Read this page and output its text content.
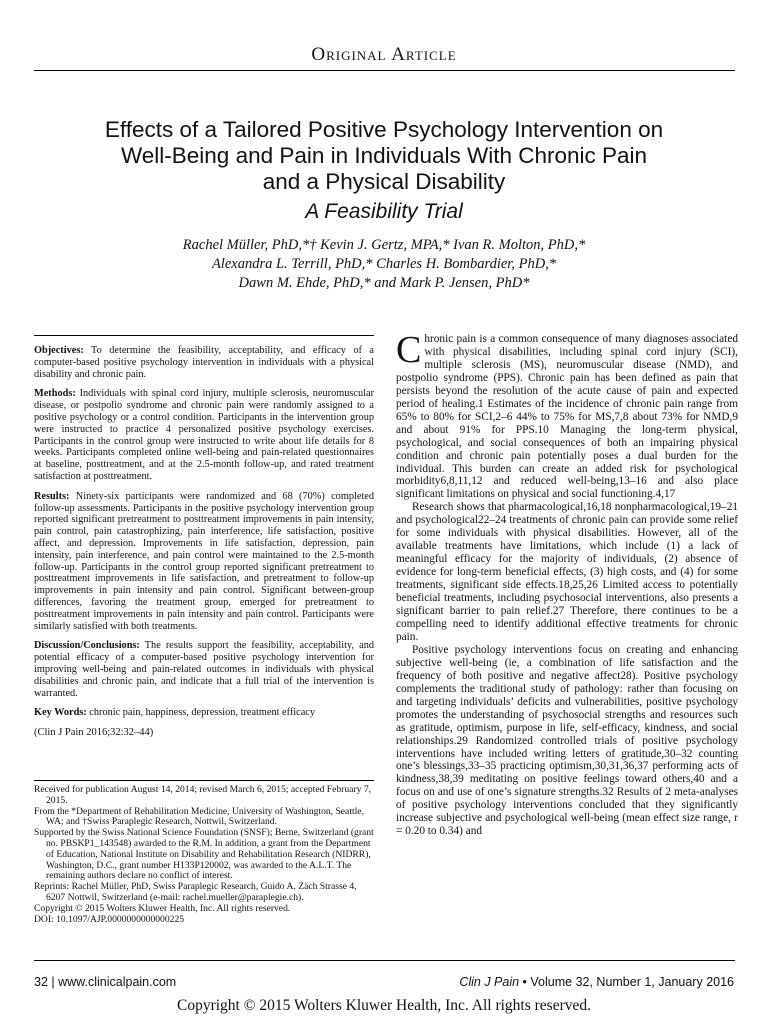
Original Article
Effects of a Tailored Positive Psychology Intervention on
Well-Being and Pain in Individuals With Chronic Pain
and a Physical Disability
A Feasibility Trial
Rachel Müller, PhD,*† Kevin J. Gertz, MPA,* Ivan R. Molton, PhD,*
Alexandra L. Terrill, PhD,* Charles H. Bombardier, PhD,*
Dawn M. Ehde, PhD,* and Mark P. Jensen, PhD*

Objectives: To determine the feasibility, acceptability, and efficacy of a computer-based positive psychology intervention in individuals with a physical disability and chronic pain.

Methods: Individuals with spinal cord injury, multiple sclerosis, neuromuscular disease, or postpolio syndrome and chronic pain were randomly assigned to a positive psychology or a control condition. Participants in the intervention group were instructed to practice 4 personalized positive psychology exercises. Participants in the control group were instructed to write about life details for 8 weeks. Participants completed online well-being and pain-related questionnaires at baseline, posttreatment, and at the 2.5-month follow-up, and rated treatment satisfaction at posttreatment.

Results: Ninety-six participants were randomized and 68 (70%) completed follow-up assessments. Participants in the positive psychology intervention group reported significant pretreatment to posttreatment improvements in pain intensity, pain control, pain catastrophizing, pain interference, life satisfaction, positive affect, and depression. Improvements in life satisfaction, depression, pain intensity, pain interference, and pain control were maintained to the 2.5-month follow-up. Participants in the control group reported significant pretreatment to posttreatment improvements in life satisfaction, and pretreatment to follow-up improvements in pain intensity and pain control. Significant between-group differences, favoring the treatment group, emerged for pretreatment to posttreatment improvements in pain intensity and pain control. Participants were similarly satisfied with both treatments.

Discussion/Conclusions: The results support the feasibility, acceptability, and potential efficacy of a computer-based positive psychology intervention for improving well-being and pain-related outcomes in individuals with physical disabilities and chronic pain, and indicate that a full trial of the intervention is warranted.

Key Words: chronic pain, happiness, depression, treatment efficacy

(Clin J Pain 2016;32:32–44)

Received for publication August 14, 2014; revised March 6, 2015; accepted February 7, 2015.

From the *Department of Rehabilitation Medicine, University of Washington, Seattle, WA; and †Swiss Paraplegic Research, Nottwil, Switzerland.

Supported by the Swiss National Science Foundation (SNSF); Berne, Switzerland (grant no. PBSKP1_143548) awarded to the R.M. In addition, a grant from the Department of Education, National Institute on Disability and Rehabilitation Research (NIDRR), Washington, D.C., grant number H133P120002, was awarded to the A.L.T. The remaining authors declare no conflict of interest.

Reprints: Rachel Müller, PhD, Swiss Paraplegic Research, Guido A. Zäch Strasse 4, 6207 Nottwil, Switzerland (e-mail: rachel.mueller@paraplegie.ch).

Copyright © 2015 Wolters Kluwer Health, Inc. All rights reserved.

DOI: 10.1097/AJP.0000000000000225

Chronic pain is a common consequence of many diagnoses associated with physical disabilities, including spinal cord injury (SCI), multiple sclerosis (MS), neuromuscular disease (NMD), and postpolio syndrome (PPS). Chronic pain has been defined as pain that persists beyond the resolution of the acute cause of pain and expected period of healing.1 Estimates of the incidence of chronic pain range from 65% to 80% for SCI,2–6 44% to 75% for MS,7,8 about 73% for NMD,9 and about 91% for PPS.10 Managing the long-term physical, psychological, and social consequences of both an impairing physical condition and chronic pain potentially poses a dual burden for the individual. This burden can create an added risk for psychological morbidity6,8,11,12 and reduced well-being,13–16 and also place significant limitations on physical and social functioning.4,17

Research shows that pharmacological,16,18 nonpharmacological,19–21 and psychological22–24 treatments of chronic pain can provide some relief for some individuals with physical disabilities. However, all of the available treatments have limitations, which include (1) a lack of meaningful efficacy for the majority of individuals, (2) absence of evidence for long-term beneficial effects, (3) high costs, and (4) for some treatments, significant side effects.18,25,26 Limited access to potentially beneficial treatments, including psychosocial interventions, also presents a significant barrier to pain relief.27 Therefore, there continues to be a compelling need to identify additional effective treatments for chronic pain.

Positive psychology interventions focus on creating and enhancing subjective well-being (ie, a combination of life satisfaction and the frequency of both positive and negative affect28). Positive psychology complements the traditional study of pathology: rather than focusing on and targeting individuals’ deficits and vulnerabilities, positive psychology promotes the understanding of psychosocial strengths and resources such as gratitude, optimism, purpose in life, self-efficacy, kindness, and social relationships.29 Randomized controlled trials of positive psychology interventions have included writing letters of gratitude,30–32 counting one’s blessings,33–35 practicing optimism,30,31,36,37 performing acts of kindness,38,39 meditating on positive feelings toward others,40 and a focus on and use of one’s signature strengths.32 Results of 2 meta-analyses of positive psychology interventions concluded that they significantly increase subjective and psychological well-being (mean effect size range, r = 0.20 to 0.34) and

32 | www.clinicalpain.com	Clin J Pain • Volume 32, Number 1, January 2016
Copyright © 2015 Wolters Kluwer Health, Inc. All rights reserved.
